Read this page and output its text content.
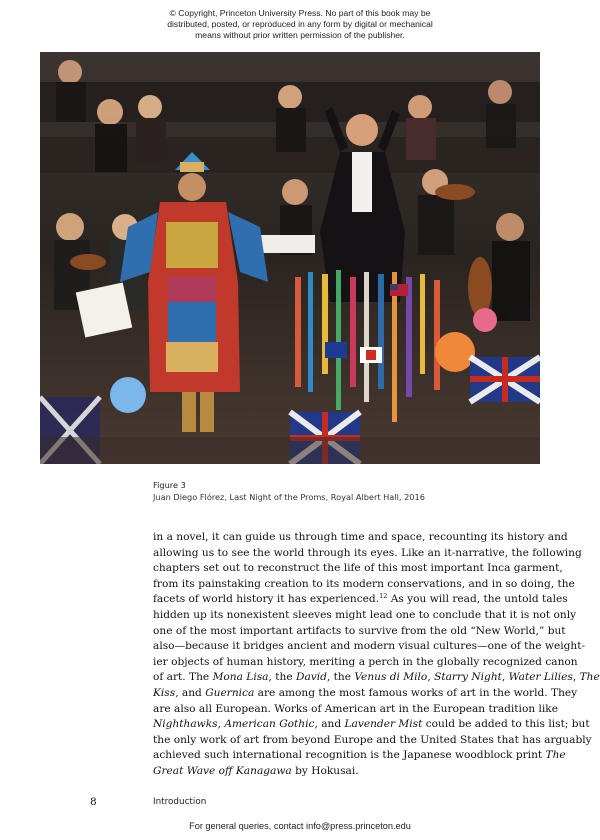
© Copyright, Princeton University Press. No part of this book may be
distributed, posted, or reproduced in any form by digital or mechanical
means without prior written permission of the publisher.
Figure 3
Juan Diego Flórez, Last Night of the Proms, Royal Albert Hall, 2016
in a novel, it can guide us through time and space, recounting its history and
allowing us to see the world through its eyes. Like an it-narrative, the following
chapters set out to reconstruct the life of this most important Inca garment,
from its painstaking creation to its modern conservations, and in so doing, the
facets of world history it has experienced.$^{12}$ As you will read, the untold tales
hidden up its nonexistent sleeves might lead one to conclude that it is not only
one of the most important artifacts to survive from the old “New World,” but
also—because it bridges ancient and modern visual cultures—one of the weight-
ier objects of human history, meriting a perch in the globally recognized canon
of art. The Mona Lisa, the David, the Venus di Milo, Starry Night, Water Lilies, The
Kiss, and Guernica are among the most famous works of art in the world. They
are also all European. Works of American art in the European tradition like
Nighthawks, American Gothic, and Lavender Mist could be added to this list; but
the only work of art from beyond Europe and the United States that has arguably
achieved such international recognition is the Japanese woodblock print The
Great Wave off Kanagawa by Hokusai.
8	Introduction
For general queries, contact info@press.princeton.edu
